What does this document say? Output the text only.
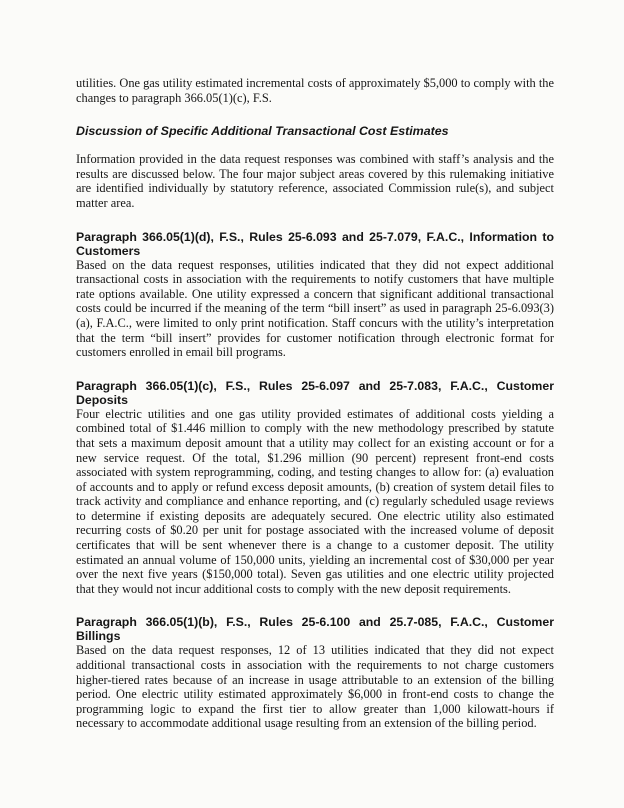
utilities. One gas utility estimated incremental costs of approximately $5,000 to comply with the changes to paragraph 366.05(1)(c), F.S.

Discussion of Specific Additional Transactional Cost Estimates

Information provided in the data request responses was combined with staff’s analysis and the results are discussed below. The four major subject areas covered by this rulemaking initiative are identified individually by statutory reference, associated Commission rule(s), and subject matter area.

Paragraph 366.05(1)(d), F.S., Rules 25-6.093 and 25-7.079, F.A.C., Information to Customers

Based on the data request responses, utilities indicated that they did not expect additional transactional costs in association with the requirements to notify customers that have multiple rate options available. One utility expressed a concern that significant additional transactional costs could be incurred if the meaning of the term “bill insert” as used in paragraph 25-6.093(3)(a), F.A.C., were limited to only print notification. Staff concurs with the utility’s interpretation that the term “bill insert” provides for customer notification through electronic format for customers enrolled in email bill programs.

Paragraph 366.05(1)(c), F.S., Rules 25-6.097 and 25-7.083, F.A.C., Customer Deposits

Four electric utilities and one gas utility provided estimates of additional costs yielding a combined total of $1.446 million to comply with the new methodology prescribed by statute that sets a maximum deposit amount that a utility may collect for an existing account or for a new service request. Of the total, $1.296 million (90 percent) represent front-end costs associated with system reprogramming, coding, and testing changes to allow for: (a) evaluation of accounts and to apply or refund excess deposit amounts, (b) creation of system detail files to track activity and compliance and enhance reporting, and (c) regularly scheduled usage reviews to determine if existing deposits are adequately secured. One electric utility also estimated recurring costs of $0.20 per unit for postage associated with the increased volume of deposit certificates that will be sent whenever there is a change to a customer deposit. The utility estimated an annual volume of 150,000 units, yielding an incremental cost of $30,000 per year over the next five years ($150,000 total). Seven gas utilities and one electric utility projected that they would not incur additional costs to comply with the new deposit requirements.

Paragraph 366.05(1)(b), F.S., Rules 25-6.100 and 25.7-085, F.A.C., Customer Billings

Based on the data request responses, 12 of 13 utilities indicated that they did not expect additional transactional costs in association with the requirements to not charge customers higher-tiered rates because of an increase in usage attributable to an extension of the billing period. One electric utility estimated approximately $6,000 in front-end costs to change the programming logic to expand the first tier to allow greater than 1,000 kilowatt-hours if necessary to accommodate additional usage resulting from an extension of the billing period.
